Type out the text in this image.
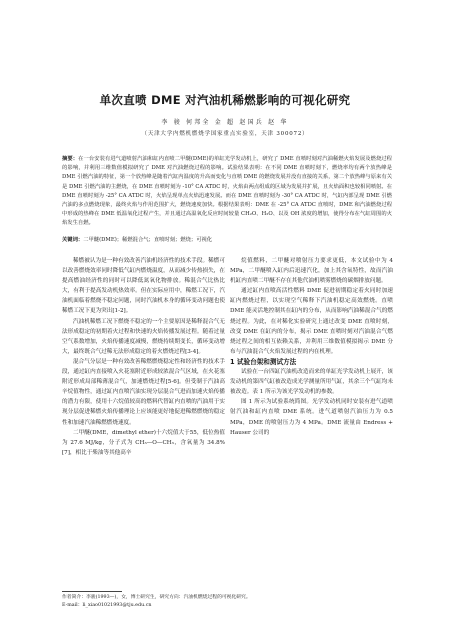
单次直喷 DME 对汽油机稀燃影响的可视化研究
李 骏 何邦全 金 超 赵国兵 赵 华
（天津大学内燃机燃烧学国家重点实验室，天津 300072）
摘要：在一台安装有进气道喷射汽油和缸内直喷二甲醚(DME)的单缸光学发动机上，研究了 DME 直喷时刻对汽油稀燃火焰发展及燃烧过程的影响，并利用三维数值模拟研究了 DME 对汽油燃烧过程的影响。试验结果表明：在不同 DME 直喷时刻下，燃烧率均有两个放热峰是 DME 引燃汽油的特征，第一个放热峰是随着汽缸内温度的升高而变化与直喷 DME 的燃烧发展并没有直接的关系，第二个放热峰与原来有关是 DME 引燃汽油的主燃烧，在 DME 直喷时刻为 -10° CA ATDC 时，火焰由两点组成的区域为发展并扩展，且火焰面积也较相同喷射。在 DME 直喷时刻为 -25° CA ATDC 时，火焰呈现单点火焰迅速发展。而在 DME 直喷时刻为 -30° CA ATDC 时，气缸内部呈现 DME 引燃汽油的多点燃烧现象，最终火焰与作用范围扩大，燃烧速度加快。根据结果表明：DME 在 -25° CA ATDC 直喷时，DME 和汽油燃烧过程中形成的热峰在 DME 低温氧化过程产生，并且通过高温氧化反应时间较量 CH₂O、H₂O、以及 OH 浓度的增加，使得分布在气缸周围的火焰发生自燃。
关键词：二甲醚(DME)；稀燃混合气；直喷时刻；燃烧；可视化

稀燃被认为是一种有效改善汽油机经济性的技术手段。稀燃可以改善燃烧效率同时降低气缸内燃烧温度，从而减少传热损失，在提高燃油经济性的同时可以降低氮氧化物排放。稀混合气比热比大，有利于提高发动机热效率。但在实际应用中，稀燃工况下，汽油机面临着燃烧不稳定问题，同时汽油机本身的循环变动问题也使稀燃工况下更为突出[1-2]。

汽油机稀燃工况下燃烧不稳定的一个主要原因是稀释混合气无法形成稳定的初期着火过程和快速的火焰传播发展过程。随着过量空气系数增加，火焰传播速度减慢，燃烧持续期变长，循环变动增大，最终既合气过稀无法形成稳定的着火燃烧过程[3-4]。

混合气分层是一种有效改善稀燃燃烧稳定性和经济性的技术手段，通过缸内直接喷入火花塞附近形成较浓混合气区域，在火花塞附近形成局部稀薄混合气，加速燃烧过程[5-6]。但受制于汽油高辛烷值物性，通过缸内直喷汽油实现分层混合气进而加速火焰传播的潜力有限，使用十六烷值较高的燃料代替缸内直喷的汽油用于实现分层促进稀燃火焰传播理论上应该能更好地促进稀燃燃烧的稳定性和加速汽油稀燃燃烧速度。

二甲醚(DME，dimethyl ether)十六烷值大于55，低位热值为 27.6 MJ/kg，分子式为 CH₃—O—CH₃，含氧量为 34.8%[7]，相比于柴油等其他高辛

烷值燃料，二甲醚对喷射压力要求更低，本文试验中为 4 MPa，二甲醚喷入缸内后迅速汽化，加上其含氧特性，故而汽油机缸内直喷二甲醚不存在其他代油机喷雾燃烧的碳烟排放问题。

通过缸内直喷高活性燃料 DME 促进初期稳定着火同时加速缸内燃烧过程，以实现空气稀释下汽油机稳定高效燃烧。直喷 DME 能灵活地控制其在缸内的分布，从而影响汽油稀混合气的燃烧过程。为此，在对稀化实验研究上通过改变 DME 直喷时刻，改变 DME 在缸内的分布，揭示 DME 直喷时刻对汽油混合气燃烧过程之间的相互依赖关系，并利用三维数值模拟揭示 DME 分布与汽油混合气火焰发展过程的内在机理。

1 试验台架和测试方法

试验在一台四缸汽油机改造而来的单缸光学发动机上展开，该发动机的第四气缸被改造成光学测量所用气缸，其余三个气缸均未被改造。表 1 所示为该光学发动机的参数。

图 1 所示为试验系统简图。光学发动机同时安装有进气道喷射汽油和缸内直喷 DME 系统。进气道喷射汽油压力为 0.5 MPa，DME 的喷射压力为 4 MPa。DME 流量由 Endress + Hauser 公司的

作者简介：李骏(1993—)，女，博士研究生，研究方向：汽油机燃烧过程的可视化研究。
E-mail：li_xiao01021993@tju.edu.cn
